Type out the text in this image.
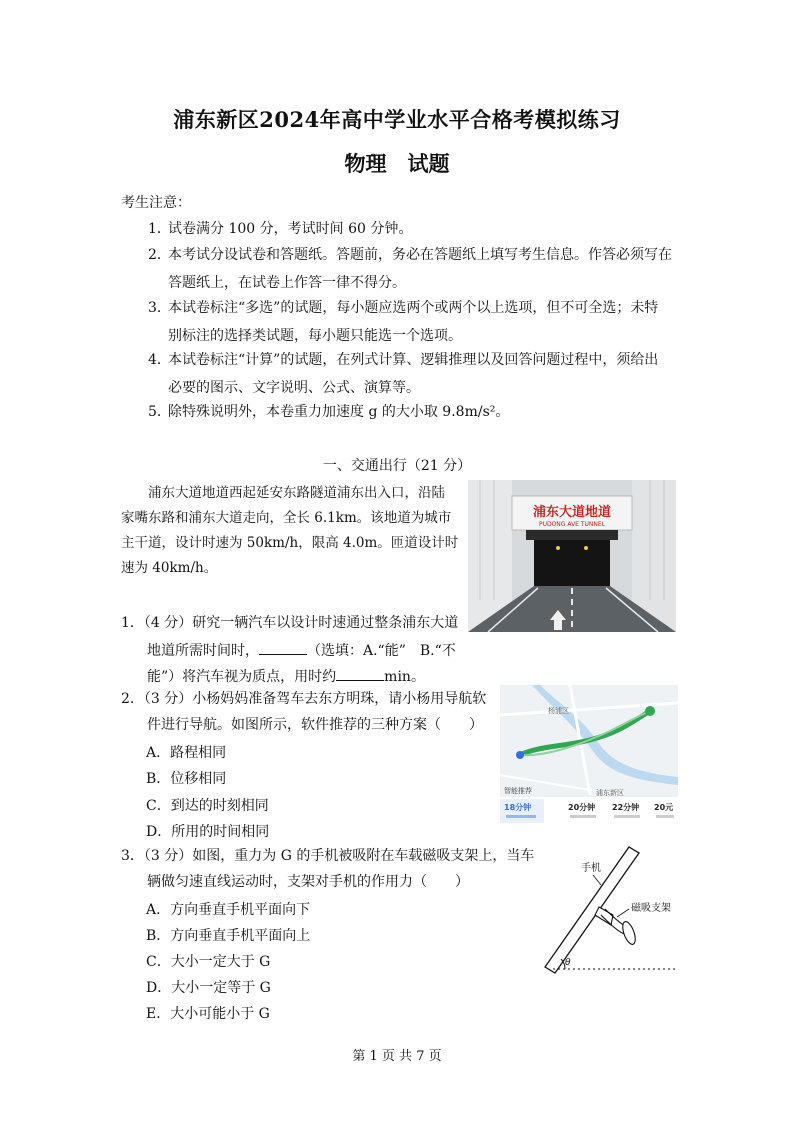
浦东新区2024年高中学业水平合格考模拟练习
物理　试题
考生注意：
1．试卷满分 100 分，考试时间 60 分钟。
2．本考试分设试卷和答题纸。答题前，务必在答题纸上填写考生信息。作答必须写在
答题纸上，在试卷上作答一律不得分。
3．本试卷标注“多选”的试题，每小题应选两个或两个以上选项，但不可全选；未特
别标注的选择类试题，每小题只能选一个选项。
4．本试卷标注“计算”的试题，在列式计算、逻辑推理以及回答问题过程中，须给出
必要的图示、文字说明、公式、演算等。
5．除特殊说明外，本卷重力加速度 g 的大小取 9.8m/s²。
一、交通出行（21 分）

浦东大道地道西起延安东路隧道浦东出入口，沿陆

家嘴东路和浦东大道走向，全长 6.1km。该地道为城市
主干道，设计时速为 50km/h，限高 4.0m。匝道设计时
速为 40km/h。
浦东大道地道
PUDONG AVE TUNNEL
1．（4 分）研究一辆汽车以设计时速通过整条浦东大道
地道所需时间时，	（选填：A.“能”　B.“不
能”）将汽车视为质点，用时约	min。
2．（3 分）小杨妈妈准备驾车去东方明珠，请小杨用导航软
件进行导航。如图所示，软件推荐的三种方案（　　）
A．路程相同
B．位移相同
C．到达的时刻相同
D．所用的时间相同
杨浦区
浦东新区
智能推荐
18分钟	20分钟 22分钟 20元
3．（3 分）如图，重力为 G 的手机被吸附在车载磁吸支架上，当车
辆做匀速直线运动时，支架对手机的作用力（　　）
A．方向垂直手机平面向下
B．方向垂直手机平面向上
C．大小一定大于 G
D．大小一定等于 G
E．大小可能小于 G
θ
手机
磁吸支架
第 1 页 共 7 页
